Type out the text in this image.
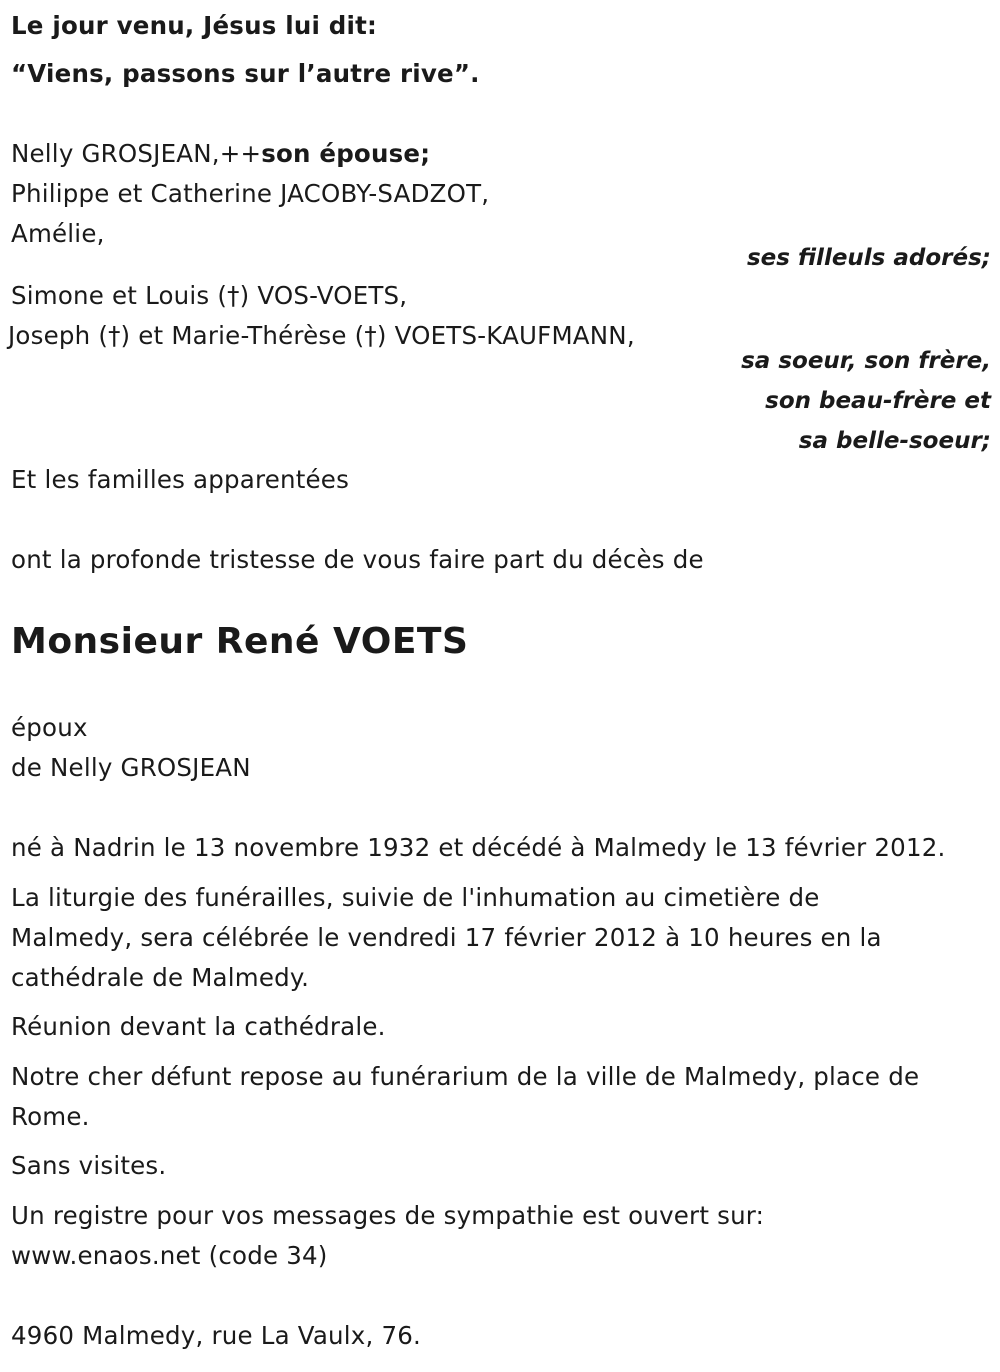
Le jour venu, Jésus lui dit:

“Viens, passons sur l’autre rive”.

Nelly GROSJEAN,++son épouse;

Philippe et Catherine JACOBY-SADZOT,

Amélie,

ses filleuls adorés;

Simone et Louis (†) VOS-VOETS,

Joseph (†) et Marie-Thérèse (†) VOETS-KAUFMANN,

sa soeur, son frère,

son beau-frère et

sa belle-soeur;

Et les familles apparentées

ont la profonde tristesse de vous faire part du décès de

Monsieur René VOETS

époux

de Nelly GROSJEAN

né à Nadrin le 13 novembre 1932 et décédé à Malmedy le 13 février 2012.

La liturgie des funérailles, suivie de l'inhumation au cimetière de

Malmedy, sera célébrée le vendredi 17 février 2012 à 10 heures en la

cathédrale de Malmedy.

Réunion devant la cathédrale.

Notre cher défunt repose au funérarium de la ville de Malmedy, place de

Rome.

Sans visites.

Un registre pour vos messages de sympathie est ouvert sur:

www.enaos.net (code 34)

4960 Malmedy, rue La Vaulx, 76.
